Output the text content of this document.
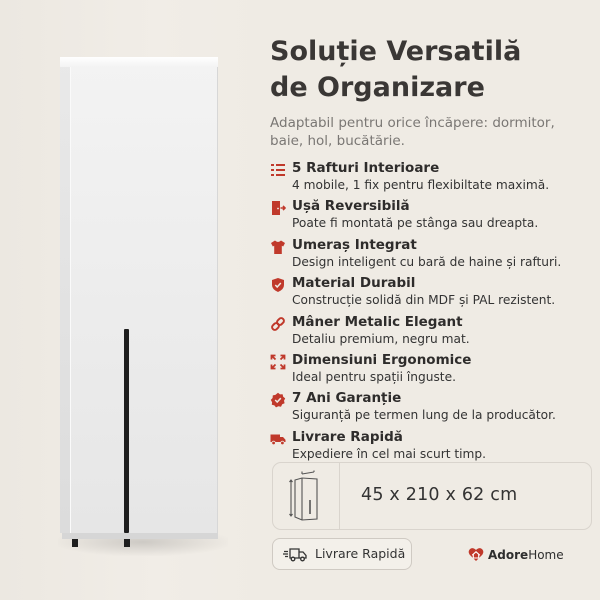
Soluție Versatilă
de Organizare
Adaptabil pentru orice încăpere: dormitor, baie, hol, bucătărie.
5 Rafturi Interioare
4 mobile, 1 fix pentru flexibiltate maximă.
Ușă Reversibilă
Poate fi montată pe stânga sau dreapta.
Umeraș Integrat
Design inteligent cu bară de haine și rafturi.
Material Durabil
Construcție solidă din MDF și PAL rezistent.
Mâner Metalic Elegant
Detaliu premium, negru mat.
Dimensiuni Ergonomice
Ideal pentru spații înguste.
7 Ani Garanție
Siguranță pe termen lung de la producător.
Livrare Rapidă
Expediere în cel mai scurt timp.
45 x 210 x 62 cm
Livrare Rapidă	AdoreHome
